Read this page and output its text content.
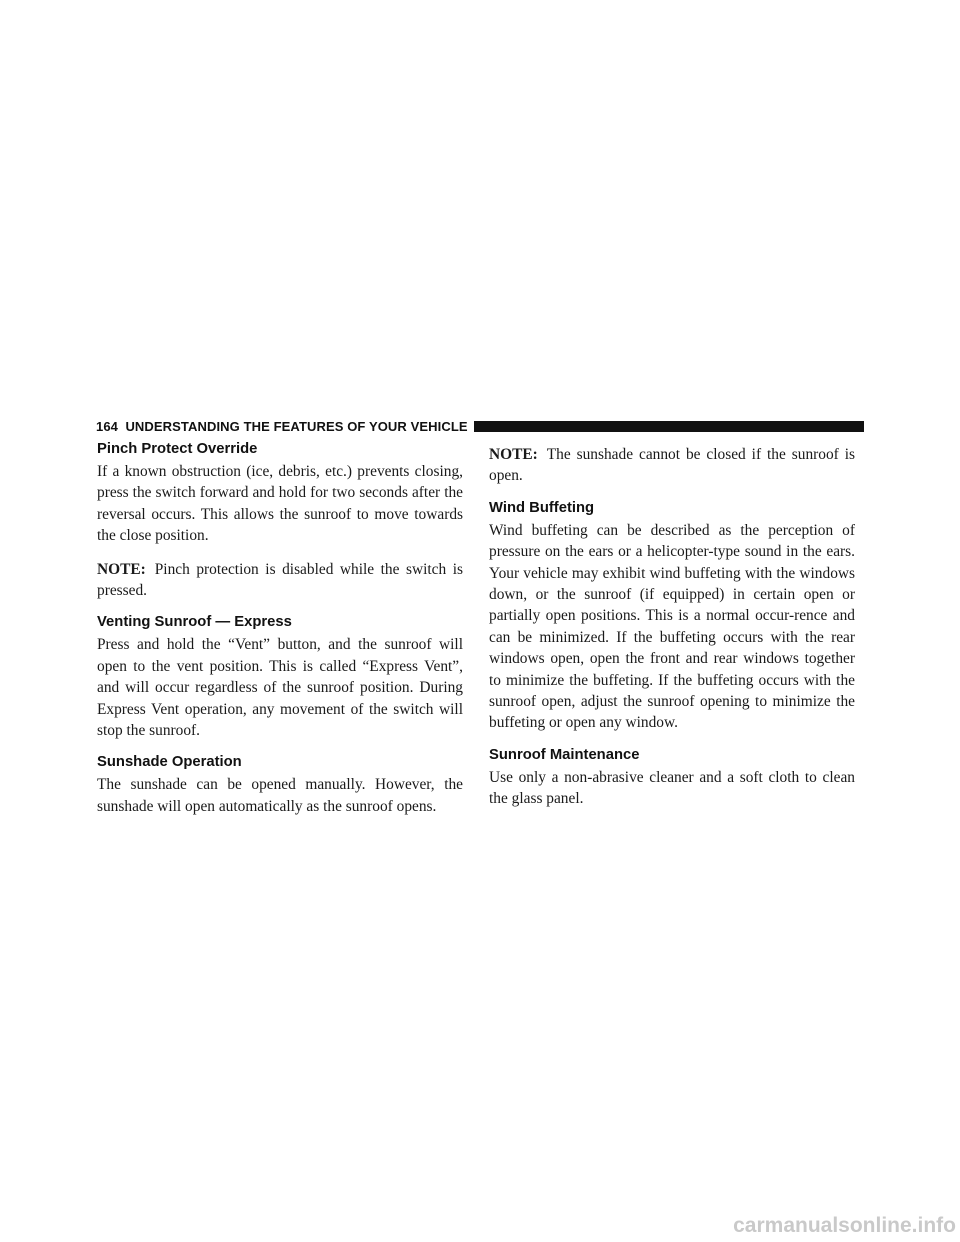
164 UNDERSTANDING THE FEATURES OF YOUR VEHICLE
Pinch Protect Override

If a known obstruction (ice, debris, etc.) prevents closing, press the switch forward and hold for two seconds after the reversal occurs. This allows the sunroof to move towards the close position.

NOTE: Pinch protection is disabled while the switch is pressed.

Venting Sunroof — Express

Press and hold the “Vent” button, and the sunroof will open to the vent position. This is called “Express Vent”, and will occur regardless of the sunroof position. During Express Vent operation, any movement of the switch will stop the sunroof.

Sunshade Operation

The sunshade can be opened manually. However, the sunshade will open automatically as the sunroof opens.

NOTE: The sunshade cannot be closed if the sunroof is open.

Wind Buffeting

Wind buffeting can be described as the perception of pressure on the ears or a helicopter-type sound in the ears. Your vehicle may exhibit wind buffeting with the windows down, or the sunroof (if equipped) in certain open or partially open positions. This is a normal occur-rence and can be minimized. If the buffeting occurs with the rear windows open, open the front and rear windows together to minimize the buffeting. If the buffeting occurs with the sunroof open, adjust the sunroof opening to minimize the buffeting or open any window.

Sunroof Maintenance

Use only a non-abrasive cleaner and a soft cloth to clean the glass panel.

carmanualsonline.info
